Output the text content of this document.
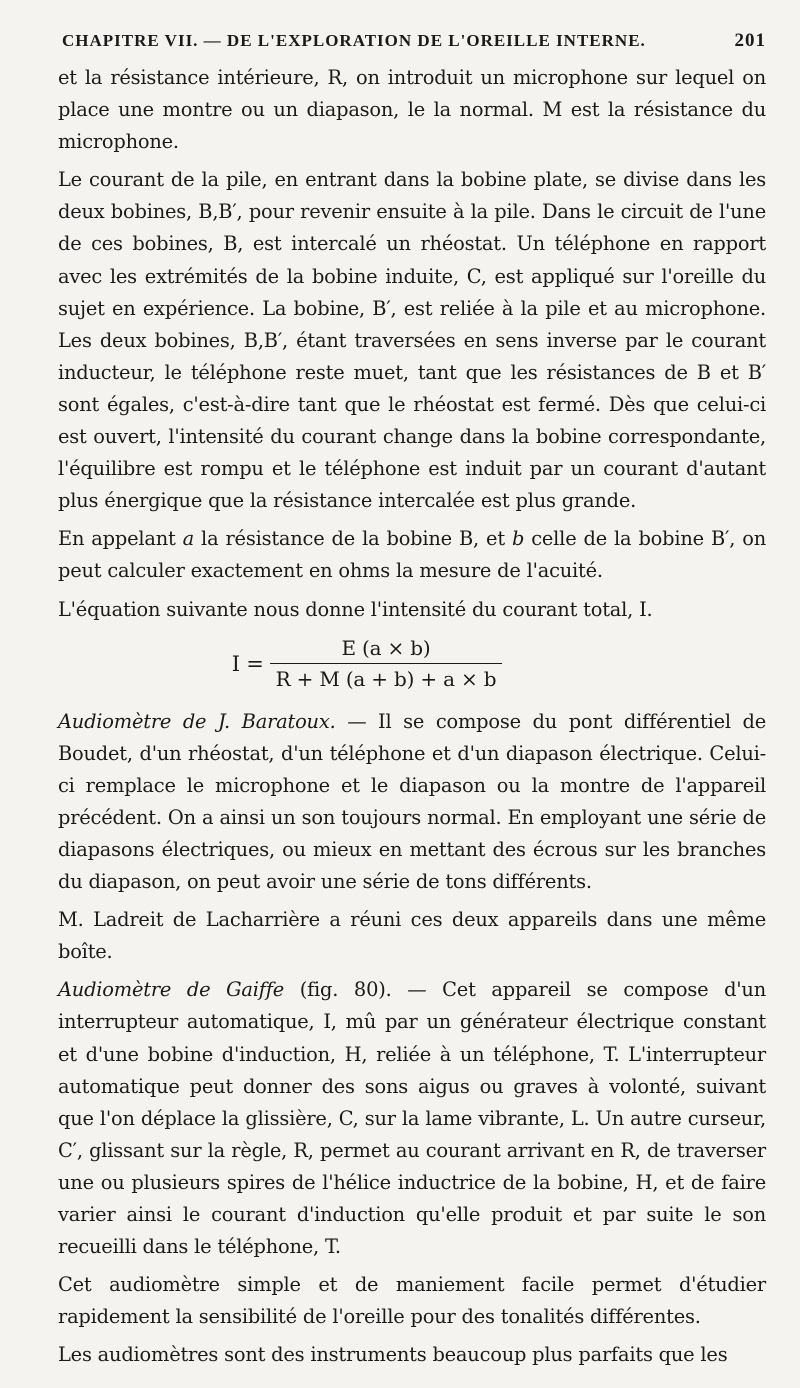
CHAPITRE VII. — DE L'EXPLORATION DE L'OREILLE INTERNE.	201

et la résistance intérieure, R, on introduit un microphone sur lequel on place une montre ou un diapason, le la normal. M est la résistance du microphone.

Le courant de la pile, en entrant dans la bobine plate, se divise dans les deux bobines, B,B′, pour revenir ensuite à la pile. Dans le circuit de l'une de ces bobines, B, est intercalé un rhéostat. Un téléphone en rapport avec les extrémités de la bobine induite, C, est appliqué sur l'oreille du sujet en expérience. La bobine, B′, est reliée à la pile et au microphone. Les deux bobines, B,B′, étant traversées en sens inverse par le courant inducteur, le téléphone reste muet, tant que les résistances de B et B′ sont égales, c'est-à-dire tant que le rhéostat est fermé. Dès que celui-ci est ouvert, l'intensité du courant change dans la bobine correspondante, l'équilibre est rompu et le téléphone est induit par un courant d'autant plus énergique que la résistance intercalée est plus grande.

En appelant a la résistance de la bobine B, et b celle de la bobine B′, on peut calculer exactement en ohms la mesure de l'acuité.

L'équation suivante nous donne l'intensité du courant total, I.

$I = \frac{E (a \times b)}{R + M (a + b) + a \times b}$

Audiomètre de J. Baratoux. — Il se compose du pont différentiel de Boudet, d'un rhéostat, d'un téléphone et d'un diapason électrique. Celui-ci remplace le microphone et le diapason ou la montre de l'appareil précédent. On a ainsi un son toujours normal. En employant une série de diapasons électriques, ou mieux en mettant des écrous sur les branches du diapason, on peut avoir une série de tons différents.

M. Ladreit de Lacharrière a réuni ces deux appareils dans une même boîte.

Audiomètre de Gaiffe (fig. 80). — Cet appareil se compose d'un interrupteur automatique, I, mû par un générateur électrique constant et d'une bobine d'induction, H, reliée à un téléphone, T. L'interrupteur automatique peut donner des sons aigus ou graves à volonté, suivant que l'on déplace la glissière, C, sur la lame vibrante, L. Un autre curseur, C′, glissant sur la règle, R, permet au courant arrivant en R, de traverser une ou plusieurs spires de l'hélice inductrice de la bobine, H, et de faire varier ainsi le courant d'induction qu'elle produit et par suite le son recueilli dans le téléphone, T.

Cet audiomètre simple et de maniement facile permet d'étudier rapidement la sensibilité de l'oreille pour des tonalités différentes.

Les audiomètres sont des instruments beaucoup plus parfaits que les
